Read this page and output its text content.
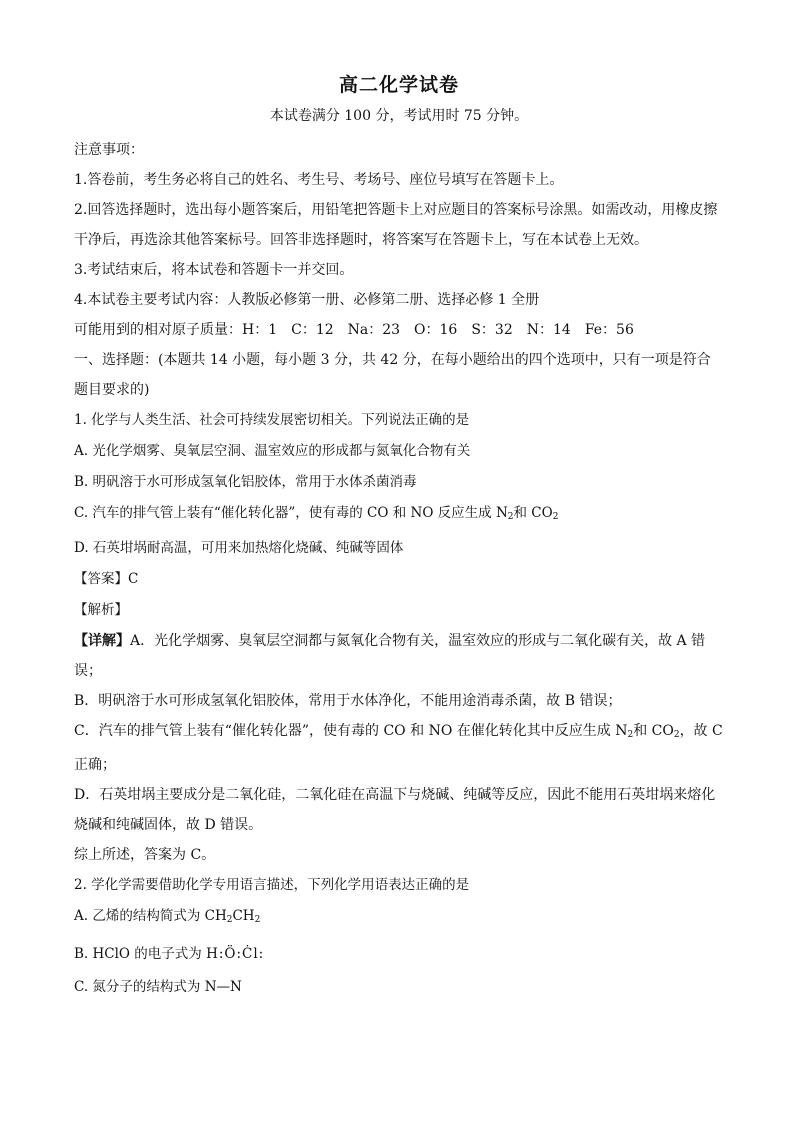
高二化学试卷

本试卷满分 100 分，考试用时 75 分钟。

注意事项：

1.答卷前，考生务必将自己的姓名、考生号、考场号、座位号填写在答题卡上。

2.回答选择题时，选出每小题答案后，用铅笔把答题卡上对应题目的答案标号涂黑。如需改动，用橡皮擦干净后，再选涂其他答案标号。回答非选择题时，将答案写在答题卡上，写在本试卷上无效。

3.考试结束后，将本试卷和答题卡一并交回。

4.本试卷主要考试内容：人教版必修第一册、必修第二册、选择必修 1 全册

可能用到的相对原子质量：H：1　C：12　Na：23　O：16　S：32　N：14　Fe：56

一、选择题：(本题共 14 小题，每小题 3 分，共 42 分，在每小题给出的四个选项中，只有一项是符合题目要求的)

1. 化学与人类生活、社会可持续发展密切相关。下列说法正确的是

A. 光化学烟雾、臭氧层空洞、温室效应的形成都与氮氧化合物有关

B. 明矾溶于水可形成氢氧化铝胶体，常用于水体杀菌消毒

C. 汽车的排气管上装有“催化转化器”，使有毒的 CO 和 NO 反应生成 $N_2$和 $CO_2$

D. 石英坩埚耐高温，可用来加热熔化烧碱、纯碱等固体

【答案】C

【解析】

【详解】A．光化学烟雾、臭氧层空洞都与氮氧化合物有关，温室效应的形成与二氧化碳有关，故 A 错误；

B．明矾溶于水可形成氢氧化铝胶体，常用于水体净化，不能用途消毒杀菌，故 B 错误；

C．汽车的排气管上装有“催化转化器”，使有毒的 CO 和 NO 在催化转化其中反应生成 $N_2$和 $CO_2$，故 C 正确；

D．石英坩埚主要成分是二氧化硅，二氧化硅在高温下与烧碱、纯碱等反应，因此不能用石英坩埚来熔化烧碱和纯碱固体，故 D 错误。

综上所述，答案为 C。

2. 学化学需要借助化学专用语言描述，下列化学用语表达正确的是

A. 乙烯的结构简式为 $CH_2CH_2$

B. HClO 的电子式为 H:Ö:Ċl:

C. 氮分子的结构式为 N—N
